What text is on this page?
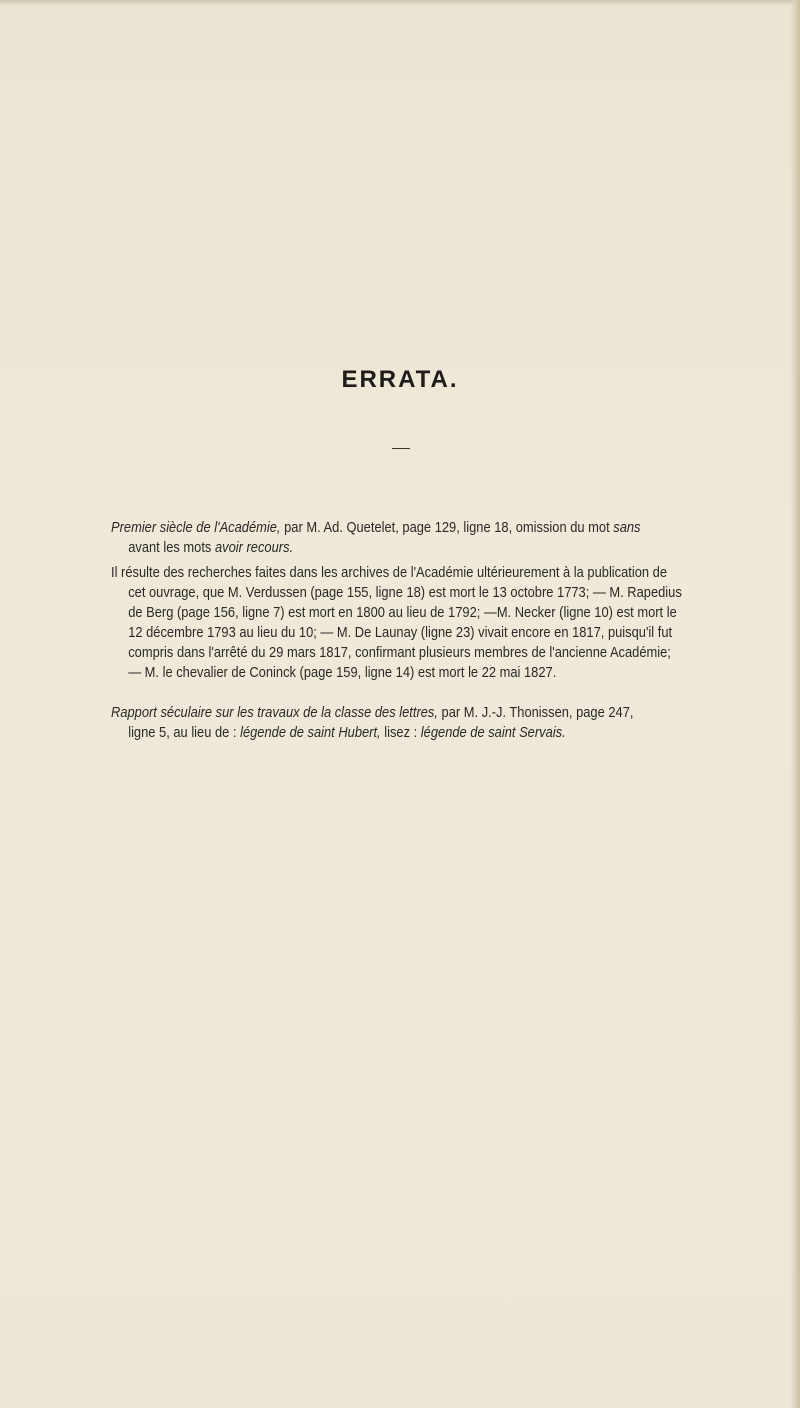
ERRATA.
Premier siècle de l'Académie, par M. Ad. Quetelet, page 129, ligne 18, omission du mot sans
avant les mots avoir recours.
Il résulte des recherches faites dans les archives de l'Académie ultérieurement à la publication de
cet ouvrage, que M. Verdussen (page 155, ligne 18) est mort le 13 octobre 1773; — M. Rapedius
de Berg (page 156, ligne 7) est mort en 1800 au lieu de 1792; —M. Necker (ligne 10) est mort le
12 décembre 1793 au lieu du 10; — M. De Launay (ligne 23) vivait encore en 1817, puisqu'il fut
compris dans l'arrêté du 29 mars 1817, confirmant plusieurs membres de l'ancienne Académie;
— M. le chevalier de Coninck (page 159, ligne 14) est mort le 22 mai 1827.
Rapport séculaire sur les travaux de la classe des lettres, par M. J.-J. Thonissen, page 247,
ligne 5, au lieu de : légende de saint Hubert, lisez : légende de saint Servais.
